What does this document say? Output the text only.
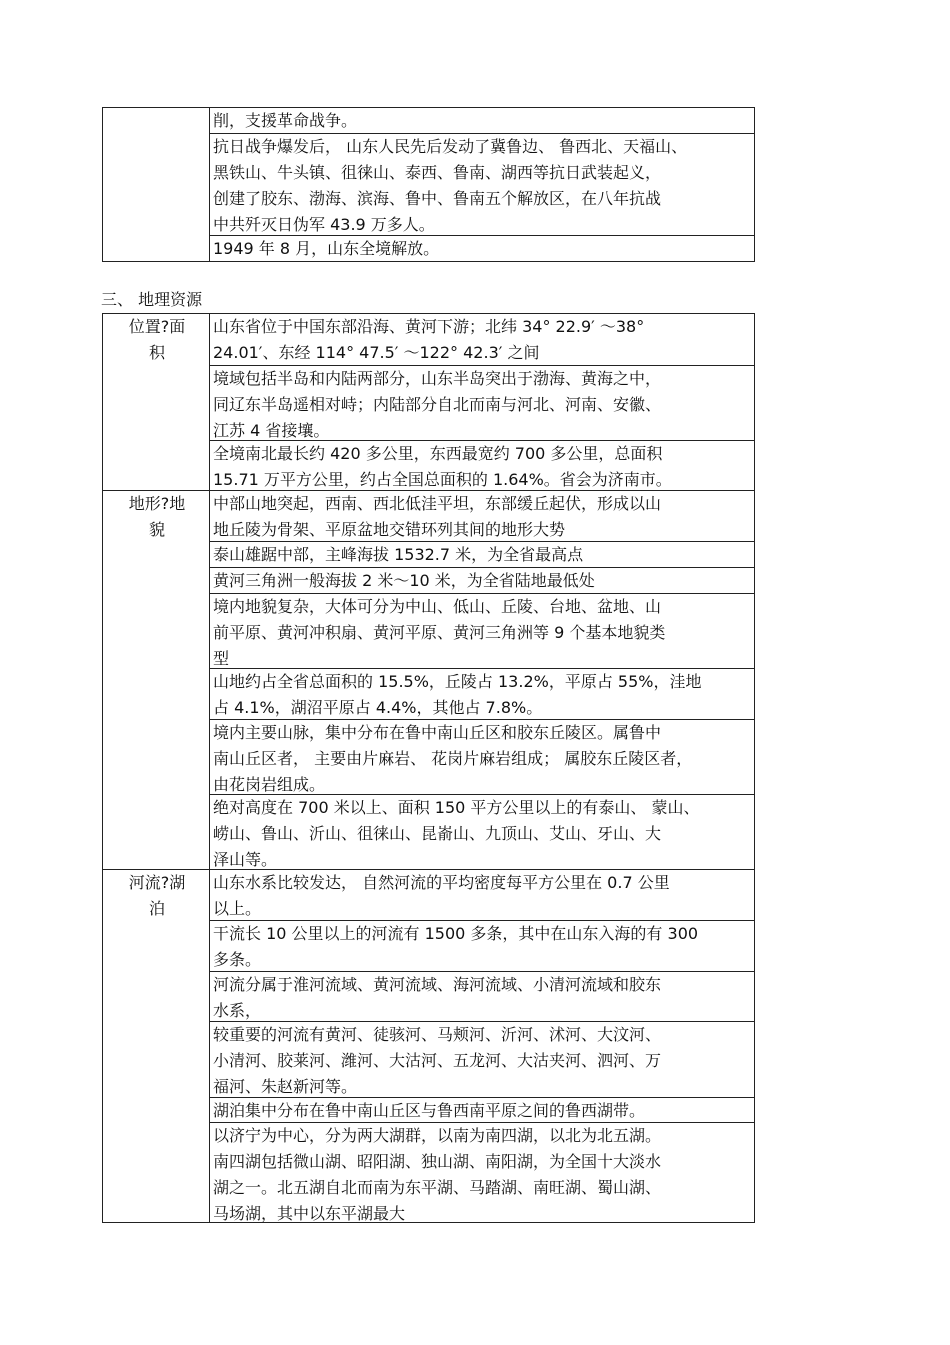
削，支援革命战争。
抗日战争爆发后， 山东人民先后发动了冀鲁边、 鲁西北、天福山、
黑铁山、牛头镇、徂徕山、泰西、鲁南、湖西等抗日武装起义，
创建了胶东、渤海、滨海、鲁中、鲁南五个解放区，在八年抗战
中共歼灭日伪军 43.9 万多人。
1949 年 8 月，山东全境解放。
三、 地理资源
位置?面
积
地形?地
貌
河流?湖
泊
山东省位于中国东部沿海、黄河下游；北纬 34° 22.9′ ～38°
24.01′、东经 114° 47.5′ ～122° 42.3′ 之间
境域包括半岛和内陆两部分，山东半岛突出于渤海、黄海之中，
同辽东半岛遥相对峙；内陆部分自北而南与河北、河南、安徽、
江苏 4 省接壤。
全境南北最长约 420 多公里，东西最宽约 700 多公里，总面积
15.71 万平方公里，约占全国总面积的 1.64%。省会为济南市。
中部山地突起，西南、西北低洼平坦，东部缓丘起伏，形成以山
地丘陵为骨架、平原盆地交错环列其间的地形大势
泰山雄踞中部，主峰海拔 1532.7 米，为全省最高点
黄河三角洲一般海拔 2 米～10 米，为全省陆地最低处
境内地貌复杂，大体可分为中山、低山、丘陵、台地、盆地、山
前平原、黄河冲积扇、黄河平原、黄河三角洲等 9 个基本地貌类
型
山地约占全省总面积的 15.5%，丘陵占 13.2%，平原占 55%，洼地
占 4.1%，湖沼平原占 4.4%，其他占 7.8%。
境内主要山脉，集中分布在鲁中南山丘区和胶东丘陵区。属鲁中
南山丘区者， 主要由片麻岩、 花岗片麻岩组成； 属胶东丘陵区者，
由花岗岩组成。
绝对高度在 700 米以上、面积 150 平方公里以上的有泰山、 蒙山、
崂山、鲁山、沂山、徂徕山、昆嵛山、九顶山、艾山、牙山、大
泽山等。
山东水系比较发达， 自然河流的平均密度每平方公里在 0.7 公里
以上。
干流长 10 公里以上的河流有 1500 多条，其中在山东入海的有 300
多条。
河流分属于淮河流域、黄河流域、海河流域、小清河流域和胶东
水系，
较重要的河流有黄河、徒骇河、马颊河、沂河、沭河、大汶河、
小清河、胶莱河、潍河、大沽河、五龙河、大沽夹河、泗河、万
福河、朱赵新河等。
湖泊集中分布在鲁中南山丘区与鲁西南平原之间的鲁西湖带。
以济宁为中心，分为两大湖群，以南为南四湖，以北为北五湖。
南四湖包括微山湖、昭阳湖、独山湖、南阳湖，为全国十大淡水
湖之一。北五湖自北而南为东平湖、马踏湖、南旺湖、蜀山湖、
马场湖，其中以东平湖最大
